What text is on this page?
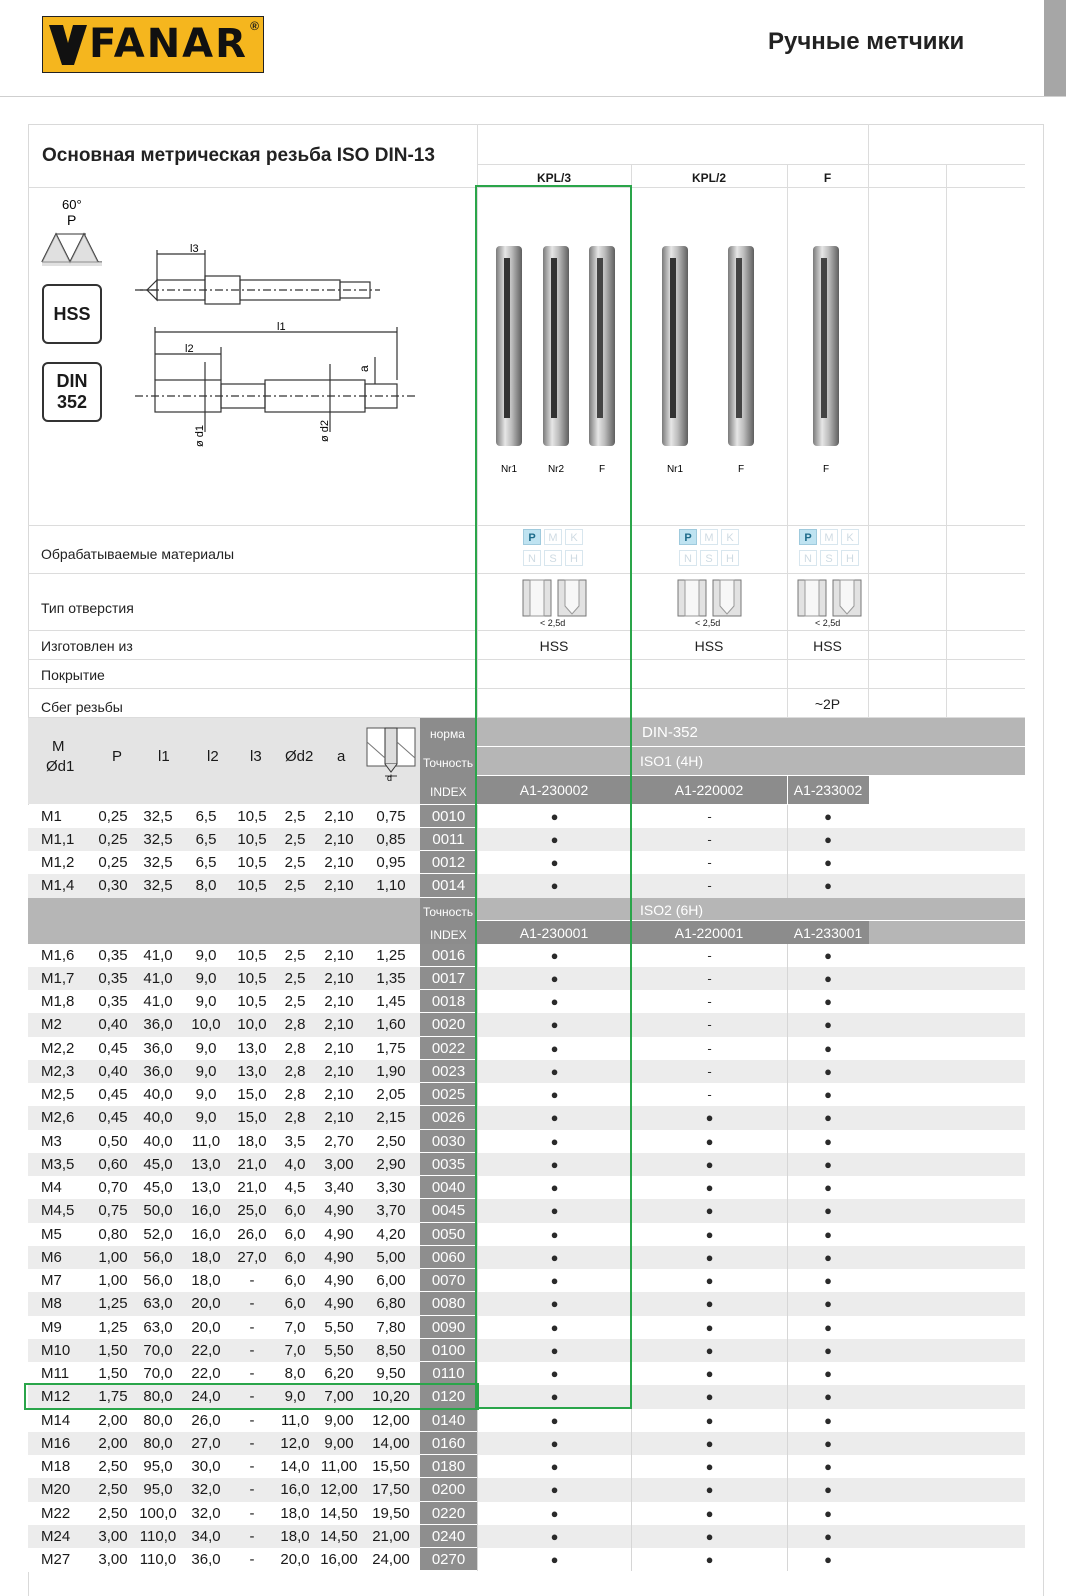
FANAR ®
Ручные метчики
Основная метрическая резьба ISO DIN-13
KPL/3	KPL/2	F
HSS
DIN
352
60°
P
l3
l1
l2
a
ø d1	ø d2
Nr1	Nr2	F	Nr1	F	F
Обрабатываемые материалы
Тип отверстия
Изготовлен из
Покрытие
Сбег резьбы
P	M	K
N	S	H
P	M	K
N	S	H
P	M	K
N	S	H
< 2,5d	< 2,5d	< 2,5d
HSS	HSS	HSS
~2P
M
Ød1
P l1 l2 l3 Ød2 a
d
норма
Точность
INDEX
DIN-352
ISO1 (4H)
A1-230002	A1-220002	A1-233002
M1	0,25	32,5	6,5	10,5	2,5	2,10	0,75	0010	●	-	●
M1,1	0,25	32,5	6,5	10,5	2,5	2,10	0,85	0011	●	-	●
M1,2	0,25	32,5	6,5	10,5	2,5	2,10	0,95	0012	●	-	●
M1,4	0,30	32,5	8,0	10,5	2,5	2,10	1,10	0014	●	-	●
Точность
INDEX
ISO2 (6H)
A1-230001	A1-220001	A1-233001
M1,6	0,35	41,0	9,0	10,5	2,5	2,10	1,25	0016	●	-	●
M1,7	0,35	41,0	9,0	10,5	2,5	2,10	1,35	0017	●	-	●
M1,8	0,35	41,0	9,0	10,5	2,5	2,10	1,45	0018	●	-	●
M2	0,40	36,0	10,0	10,0	2,8	2,10	1,60	0020	●	-	●
M2,2	0,45	36,0	9,0	13,0	2,8	2,10	1,75	0022	●	-	●
M2,3	0,40	36,0	9,0	13,0	2,8	2,10	1,90	0023	●	-	●
M2,5	0,45	40,0	9,0	15,0	2,8	2,10	2,05	0025	●	-	●
M2,6	0,45	40,0	9,0	15,0	2,8	2,10	2,15	0026	●	●	●
M3	0,50	40,0	11,0	18,0	3,5	2,70	2,50	0030	●	●	●
M3,5	0,60	45,0	13,0	21,0	4,0	3,00	2,90	0035	●	●	●
M4	0,70	45,0	13,0	21,0	4,5	3,40	3,30	0040	●	●	●
M4,5	0,75	50,0	16,0	25,0	6,0	4,90	3,70	0045	●	●	●
M5	0,80	52,0	16,0	26,0	6,0	4,90	4,20	0050	●	●	●
M6	1,00	56,0	18,0	27,0	6,0	4,90	5,00	0060	●	●	●
M7	1,00	56,0	18,0	-	6,0	4,90	6,00	0070	●	●	●
M8	1,25	63,0	20,0	-	6,0	4,90	6,80	0080	●	●	●
M9	1,25	63,0	20,0	-	7,0	5,50	7,80	0090	●	●	●
M10	1,50	70,0	22,0	-	7,0	5,50	8,50	0100	●	●	●
M11	1,50	70,0	22,0	-	8,0	6,20	9,50	0110	●	●	●
M12	1,75	80,0	24,0	-	9,0	7,00	10,20	0120	●	●	●
M14	2,00	80,0	26,0	-	11,0	9,00	12,00	0140	●	●	●
M16	2,00	80,0	27,0	-	12,0 9,00	14,00	0160	●	●	●
M18	2,50	95,0	30,0	-	14,0 11,00	15,50	0180	●	●	●
M20	2,50	95,0	32,0	-	16,0 12,00 17,50	0200	●	●	●
M22	2,50 100,0 32,0	-	18,0 14,50 19,50	0220	●	●	●
M24	3,00 110,0	34,0	-	18,0 14,50 21,00	0240	●	●	●
M27	3,00 110,0	36,0	-	20,0 16,00 24,00	0270	●	●	●
